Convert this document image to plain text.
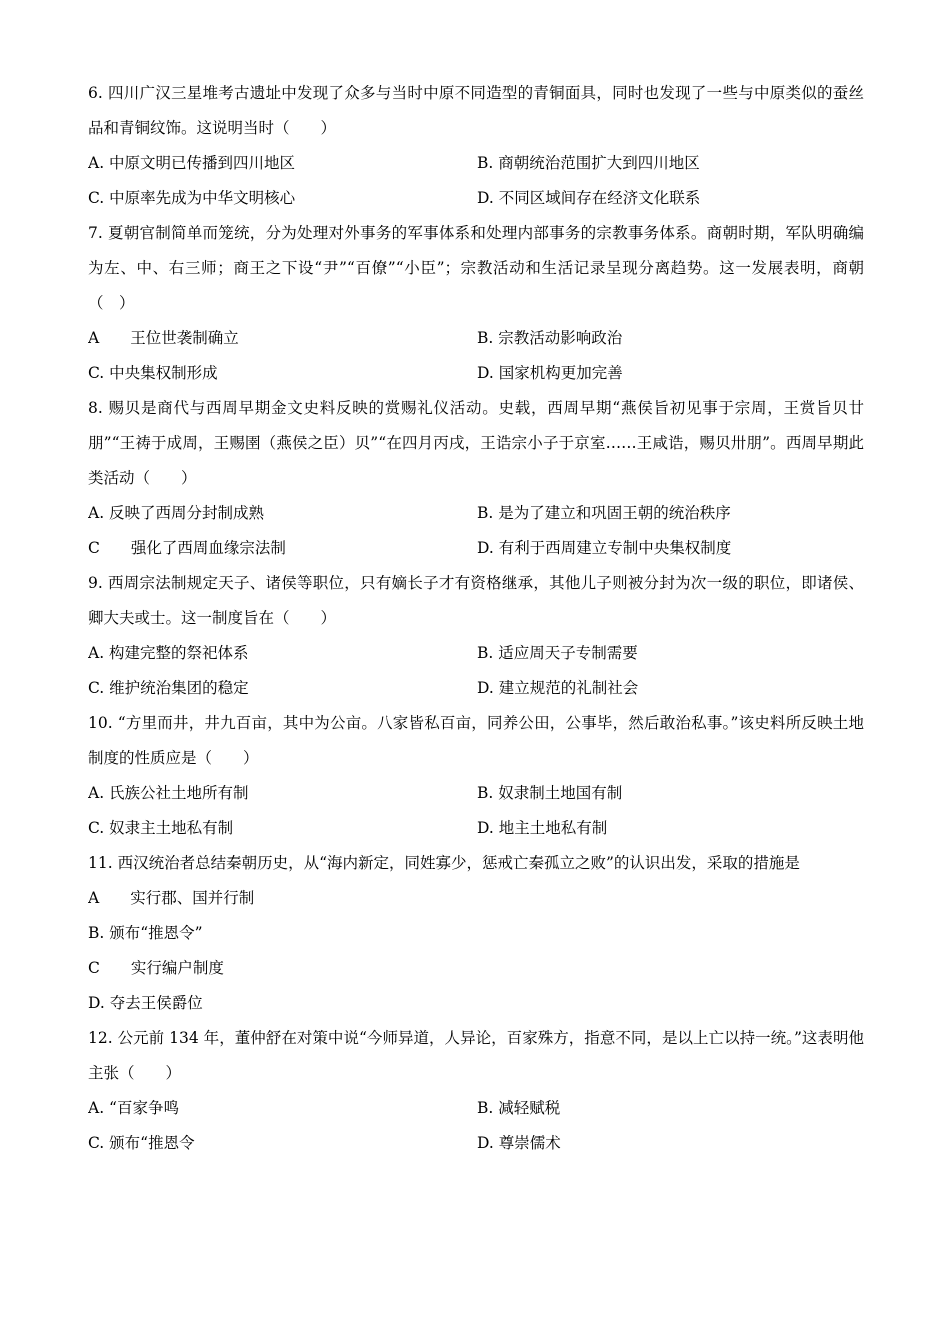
6. 四川广汉三星堆考古遗址中发现了众多与当时中原不同造型的青铜面具，同时也发现了一些与中原类似的蚕丝品和青铜纹饰。这说明当时（　　）

A. 中原文明已传播到四川地区	B. 商朝统治范围扩大到四川地区
C. 中原率先成为中华文明核心	D. 不同区域间存在经济文化联系

7. 夏朝官制简单而笼统，分为处理对外事务的军事体系和处理内部事务的宗教事务体系。商朝时期，军队明确编为左、中、右三师；商王之下设“尹”“百僚”“小臣”；宗教活动和生活记录呈现分离趋势。这一发展表明，商朝（　）

A　　王位世袭制确立	B. 宗教活动影响政治
C. 中央集权制形成	D. 国家机构更加完善

8. 赐贝是商代与西周早期金文史料反映的赏赐礼仪活动。史载，西周早期“燕侯旨初见事于宗周，王赏旨贝廿朋”“王祷于成周，王赐圉（燕侯之臣）贝”“在四月丙戌，王诰宗小子于京室……王咸诰，赐贝卅朋”。西周早期此类活动（　　）

A. 反映了西周分封制成熟	B. 是为了建立和巩固王朝的统治秩序
C　　强化了西周血缘宗法制	D. 有利于西周建立专制中央集权制度

9. 西周宗法制规定天子、诸侯等职位，只有嫡长子才有资格继承，其他儿子则被分封为次一级的职位，即诸侯、卿大夫或士。这一制度旨在（　　）

A. 构建完整的祭祀体系	B. 适应周天子专制需要
C. 维护统治集团的稳定	D. 建立规范的礼制社会

10. “方里而井，井九百亩，其中为公亩。八家皆私百亩，同养公田，公事毕，然后敢治私事。”该史料所反映土地制度的性质应是（　　）

A. 氏族公社土地所有制	B. 奴隶制土地国有制
C. 奴隶主土地私有制	D. 地主土地私有制

11. 西汉统治者总结秦朝历史，从“海内新定，同姓寡少，惩戒亡秦孤立之败”的认识出发，采取的措施是

A　　实行郡、国并行制
B. 颁布“推恩令”
C　　实行编户制度
D. 夺去王侯爵位

12. 公元前 134 年，董仲舒在对策中说“今师异道，人异论，百家殊方，指意不同，是以上亡以持一统。”这表明他主张（　　）

A. “百家争鸣	B. 减轻赋税
C. 颁布“推恩令	D. 尊崇儒术
